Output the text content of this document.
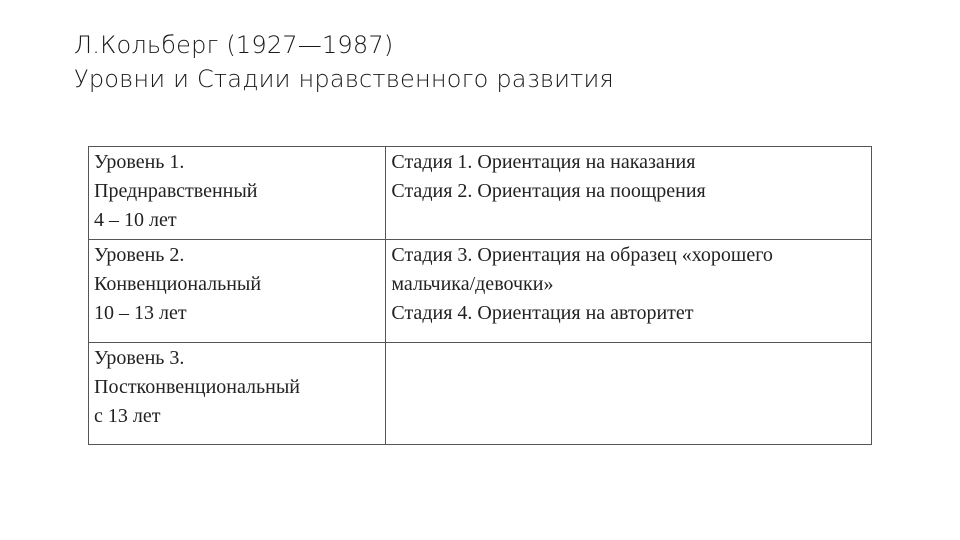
Л.Кольберг (1927—1987)
Уровни и Стадии нравственного развития
Уровень 1.
Преднравственный
4 – 10 лет	Стадия 1. Ориентация на наказания
Стадия 2. Ориентация на поощрения

Уровень 2.
Конвенциональный
10 – 13 лет	Стадия 3. Ориентация на образец «хорошего
мальчика/девочки»
Стадия 4. Ориентация на авторитет

Уровень 3.
Постконвенциональный
с 13 лет	
